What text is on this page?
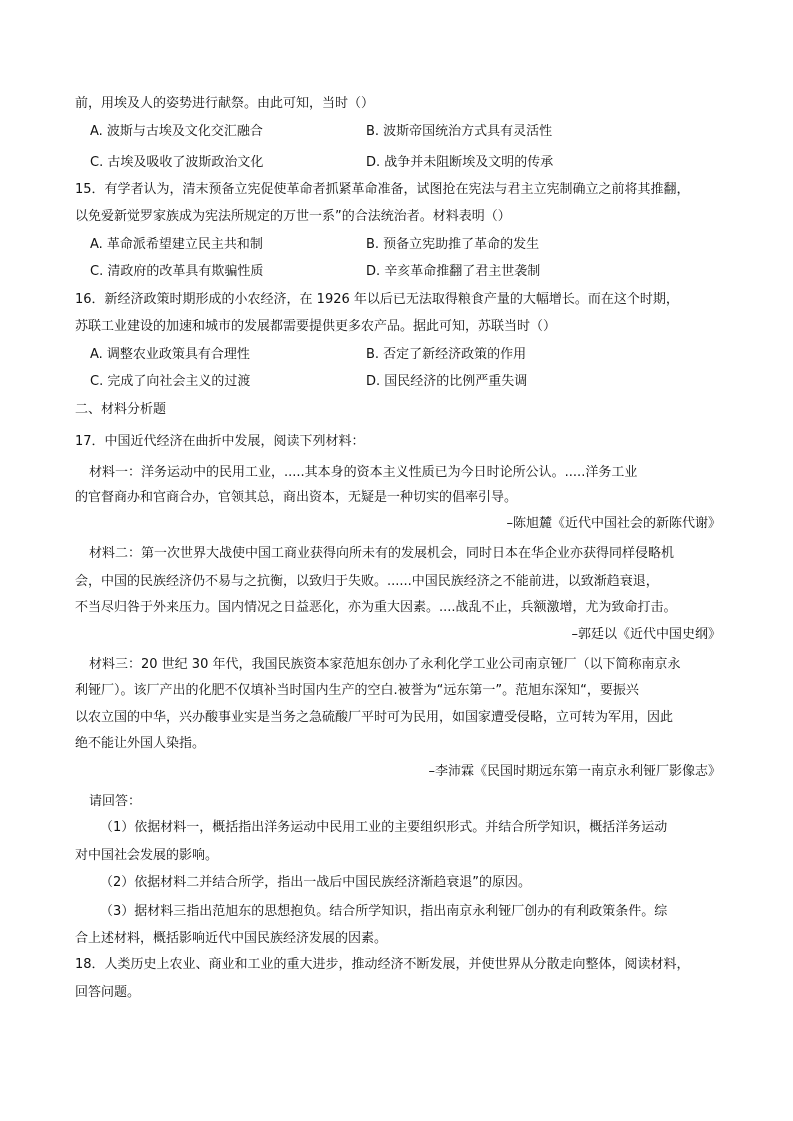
前，用埃及人的姿势进行献祭。由此可知，当时（）
A. 波斯与古埃及文化交汇融合	B. 波斯帝国统治方式具有灵活性
C. 古埃及吸收了波斯政治文化	D. 战争并未阻断埃及文明的传承
15．有学者认为，清末预备立宪促使革命者抓紧革命准备，试图抢在宪法与君主立宪制确立之前将其推翻，
以免爱新觉罗家族成为宪法所规定的万世一系”的合法统治者。材料表明（）
A. 革命派希望建立民主共和制	B. 预备立宪助推了革命的发生
C. 清政府的改革具有欺骗性质	D. 辛亥革命推翻了君主世袭制
16．新经济政策时期形成的小农经济，在 1926 年以后已无法取得粮食产量的大幅增长。而在这个时期，
苏联工业建设的加速和城市的发展都需要提供更多农产品。据此可知，苏联当时（）
A. 调整农业政策具有合理性	B. 否定了新经济政策的作用
C. 完成了向社会主义的过渡	D. 国民经济的比例严重失调
二、材料分析题
17．中国近代经济在曲折中发展，阅读下列材料：
材料一：洋务运动中的民用工业，.....其本身的资本主义性质已为今日时论所公认。.....洋务工业
的官督商办和官商合办，官领其总，商出资本，无疑是一种切实的倡率引导。
–陈旭麓《近代中国社会的新陈代谢》
材料二：第一次世界大战使中国工商业获得向所未有的发展机会，同时日本在华企业亦获得同样侵略机
会，中国的民族经济仍不易与之抗衡，以致归于失败。......中国民族经济之不能前进，以致渐趋衰退，
不当尽归咎于外来压力。国内情况之日益恶化，亦为重大因素。....战乱不止，兵额激增，尤为致命打击。
–郭廷以《近代中国史纲》
材料三：20 世纪 30 年代，我国民族资本家范旭东创办了永利化学工业公司南京铔厂（以下简称南京永
利铔厂）。该厂产出的化肥不仅填补当时国内生产的空白.被誉为“远东第一”。范旭东深知“，要振兴
以农立国的中华，兴办酸事业实是当务之急硫酸厂平时可为民用，如国家遭受侵略，立可转为军用，因此
绝不能让外国人染指。
–李沛霖《民国时期远东第一南京永利铔厂影像志》
请回答：
（1）依据材料一，概括指出洋务运动中民用工业的主要组织形式。并结合所学知识，概括洋务运动
对中国社会发展的影响。
（2）依据材料二并结合所学，指出一战后中国民族经济渐趋衰退”的原因。
（3）据材料三指出范旭东的思想抱负。结合所学知识，指出南京永利铔厂创办的有利政策条件。综
合上述材料，概括影响近代中国民族经济发展的因素。
18．人类历史上农业、商业和工业的重大进步，推动经济不断发展，并使世界从分散走向整体，阅读材料，
回答问题。
